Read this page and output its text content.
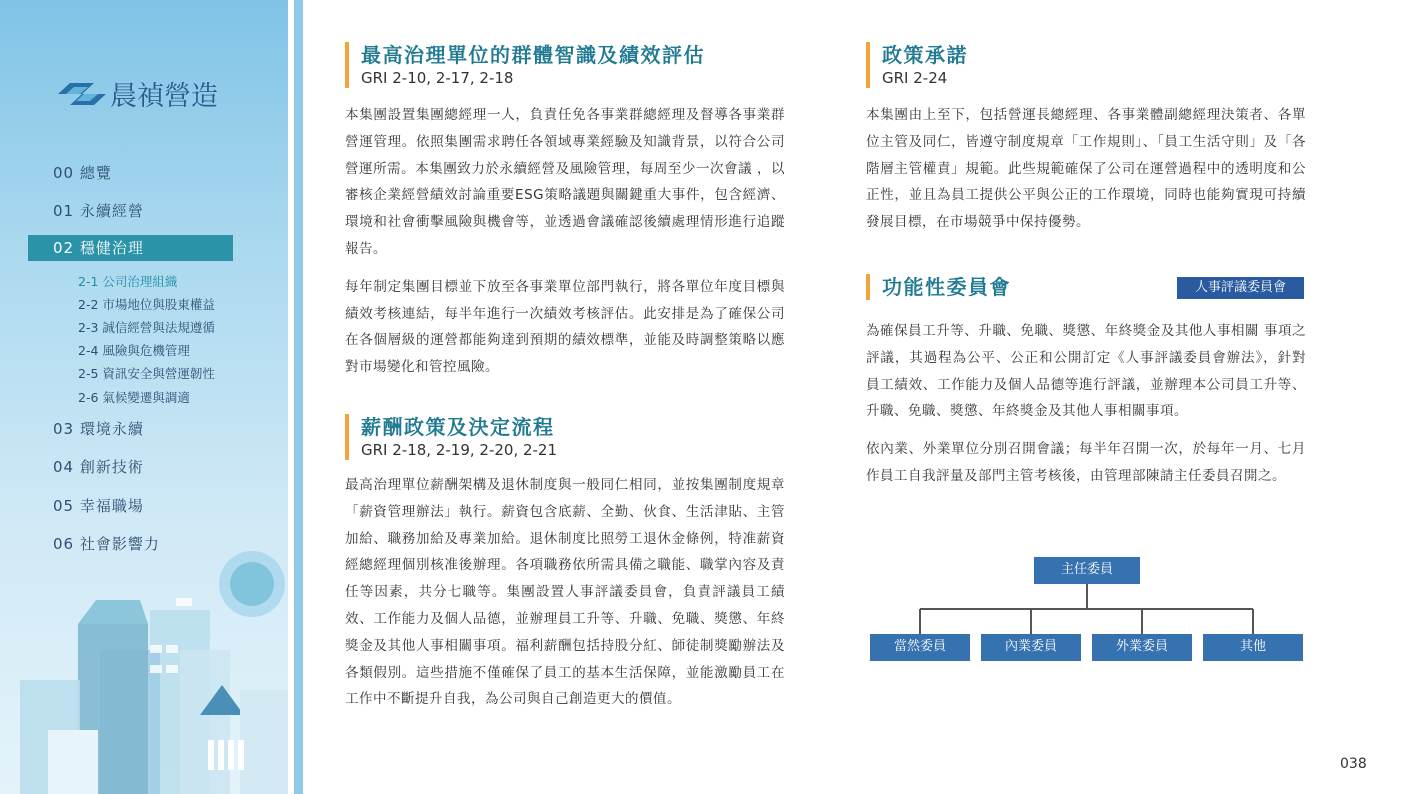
晨禎營造
00 總覽
01 永續經營
02 穩健治理
2-1 公司治理組織
2-2 市場地位與股東權益
2-3 誠信經營與法規遵循
2-4 風險與危機管理
2-5 資訊安全與營運韌性
2-6 氣候變遷與調適
03 環境永續
04 創新技術
05 幸福職場
06 社會影響力
最高治理單位的群體智識及績效評估
GRI 2-10, 2-17, 2-18

本集團設置集團總經理一人，負責任免各事業群總經理及督導各事業群營運管理。依照集團需求聘任各領域專業經驗及知識背景，以符合公司營運所需。本集團致力於永續經營及風險管理，每周至少一次會議 ，以審核企業經營績效討論重要ESG策略議題與關鍵重大事件，包含經濟、環境和社會衝擊風險與機會等，並透過會議確認後續處理情形進行追蹤報告。

每年制定集團目標並下放至各事業單位部門執行，將各單位年度目標與績效考核連結，每半年進行一次績效考核評估。此安排是為了確保公司在各個層級的運營都能夠達到預期的績效標準，並能及時調整策略以應對市場變化和管控風險。

薪酬政策及決定流程
GRI 2-18, 2-19, 2-20, 2-21

最高治理單位薪酬架構及退休制度與一般同仁相同，並按集團制度規章「薪資管理辦法」執行。薪資包含底薪、全勤、伙食、生活津貼、主管加給、職務加給及專業加給。退休制度比照勞工退休金條例，特准薪資經總經理個別核准後辦理。各項職務依所需具備之職能、職掌內容及責任等因素，共分七職等。集團設置人事評議委員會，負責評議員工績效、工作能力及個人品德，並辦理員工升等、升職、免職、獎懲、年終獎金及其他人事相關事項。福利薪酬包括持股分紅、師徒制獎勵辦法及各類假別。這些措施不僅確保了員工的基本生活保障，並能激勵員工在工作中不斷提升自我，為公司與自己創造更大的價值。

政策承諾
GRI 2-24

本集團由上至下，包括營運長總經理、各事業體副總經理決策者、各單位主管及同仁，皆遵守制度規章「工作規則」、「員工生活守則」及「各階層主管權責」規範。此些規範確保了公司在運營過程中的透明度和公正性，並且為員工提供公平與公正的工作環境，同時也能夠實現可持續發展目標，在市場競爭中保持優勢。

功能性委員會	人事評議委員會

為確保員工升等、升職、免職、獎懲、年終獎金及其他人事相關 事項之評議，其過程為公平、公正和公開訂定《人事評議委員會辦法》，針對員工績效、工作能力及個人品德等進行評議，並辦理本公司員工升等、升職、免職、獎懲、年終獎金及其他人事相關事項。

依內業、外業單位分別召開會議；每半年召開一次，於每年一月、七月作員工自我評量及部門主管考核後，由管理部陳請主任委員召開之。

主任委員
當然委員	內業委員	外業委員	其他
038
